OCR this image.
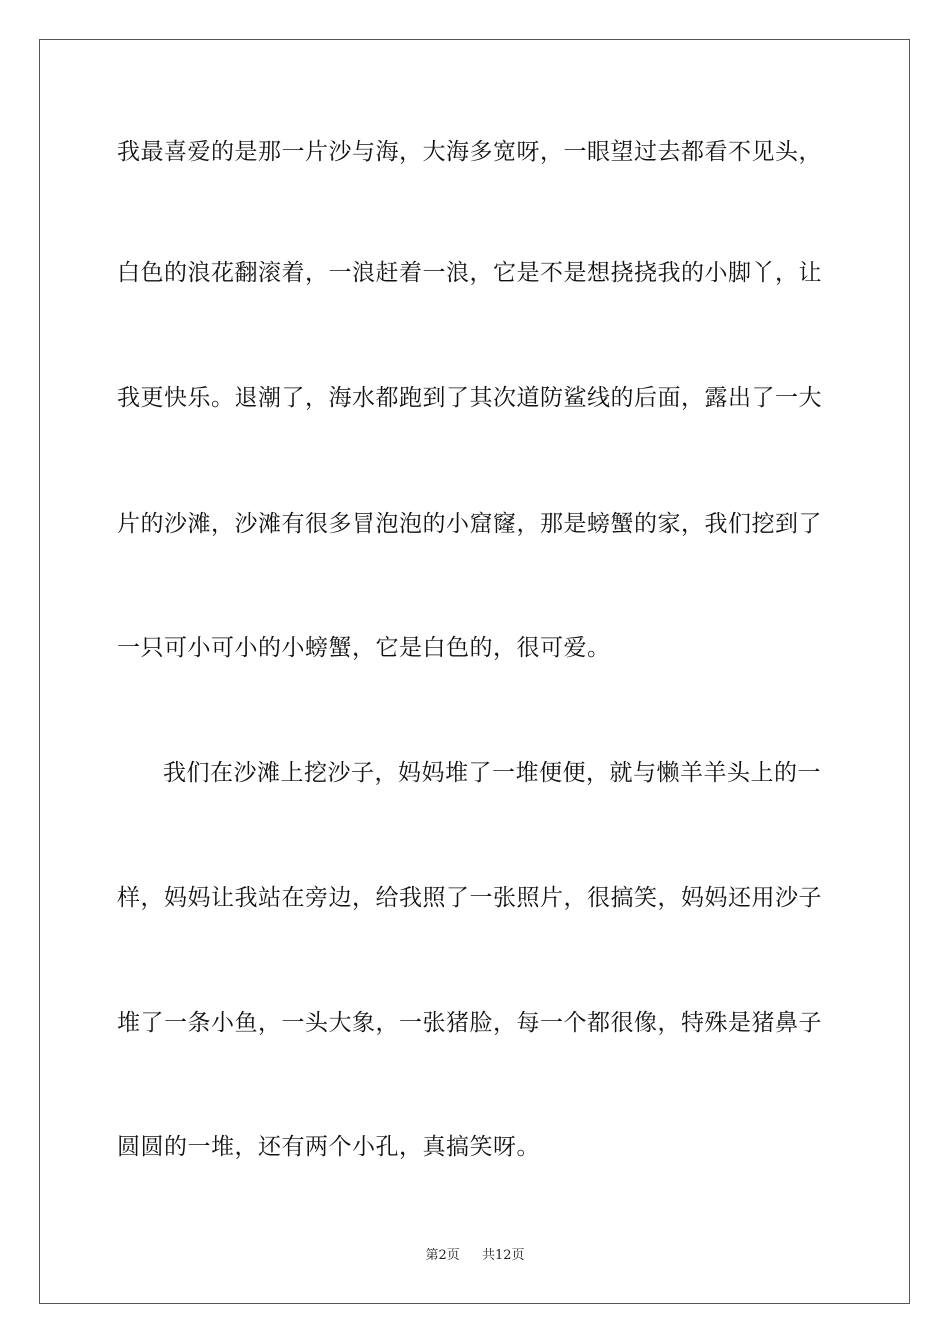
我最喜爱的是那一片沙与海，大海多宽呀，一眼望过去都看不见头，
白色的浪花翻滚着，一浪赶着一浪，它是不是想挠挠我的小脚丫，让
我更快乐。退潮了，海水都跑到了其次道防鲨线的后面，露出了一大
片的沙滩，沙滩有很多冒泡泡的小窟窿，那是螃蟹的家，我们挖到了
一只可小可小的小螃蟹，它是白色的，很可爱。
我们在沙滩上挖沙子，妈妈堆了一堆便便，就与懒羊羊头上的一
样，妈妈让我站在旁边，给我照了一张照片，很搞笑，妈妈还用沙子
堆了一条小鱼，一头大象，一张猪脸，每一个都很像，特殊是猪鼻子
圆圆的一堆，还有两个小孔，真搞笑呀。
第2页 共12页
